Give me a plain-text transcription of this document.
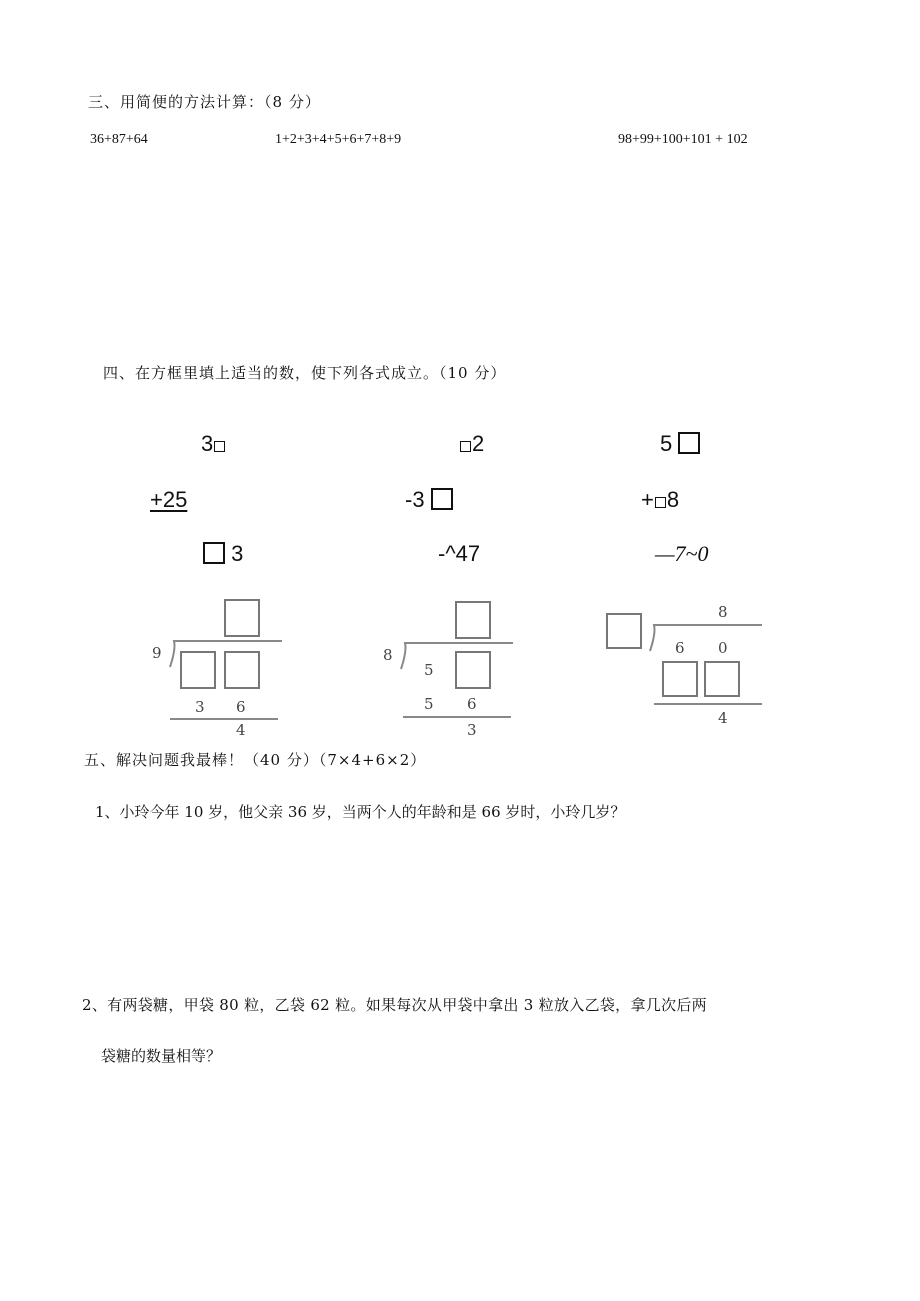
三、用简便的方法计算：（8 分）
36+87+64	1+2+3+4+5+6+7+8+9	98+99+100+101 + 102
四、在方框里填上适当的数，使下列各式成立。（10 分）
3
+25
3
2
-3
-^47
5
+ 8
—7~0
9
3 6
4
8
5
5 6
3
8
6 0
4
五、解决问题我最棒！（40 分）（7×4+6×2）
1、小玲今年 10 岁，他父亲 36 岁，当两个人的年龄和是 66 岁时，小玲几岁？
2、有两袋糖，甲袋 80 粒，乙袋 62 粒。如果每次从甲袋中拿出 3 粒放入乙袋，拿几次后两
袋糖的数量相等？
